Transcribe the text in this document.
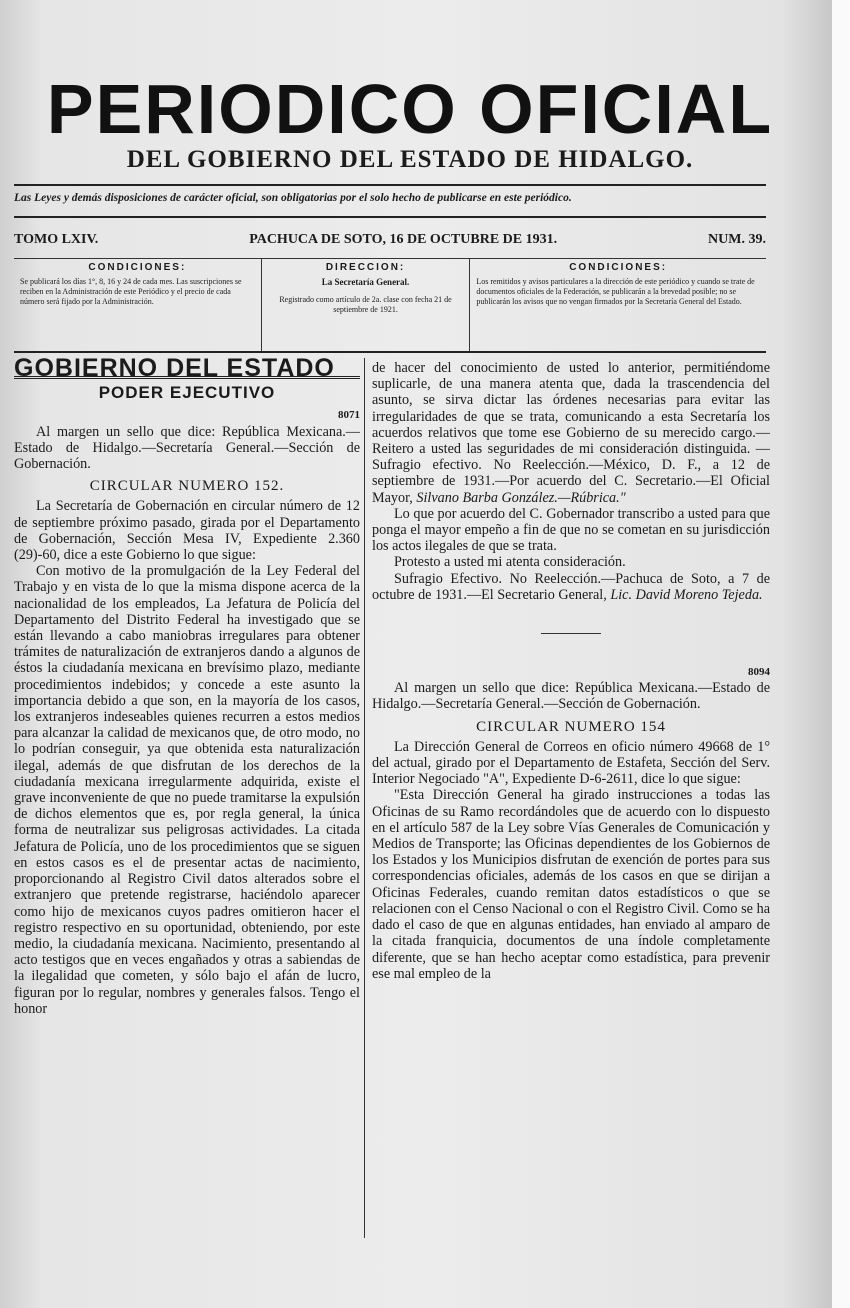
PERIODICO OFICIAL
DEL GOBIERNO DEL ESTADO DE HIDALGO.
Las Leyes y demás disposiciones de carácter oficial, son obligatorias por el solo hecho de publicarse en este periódico.
TOMO LXIV.	PACHUCA DE SOTO, 16 DE OCTUBRE DE 1931.	NUM. 39.
CONDICIONES:
Se publicará los días 1°, 8, 16 y 24 de cada mes. Las suscripciones se reciben en la Administración de este Periódico y el precio de cada número será fijado por la Administración.
DIRECCION:
La Secretaría General.
Registrado como artículo de 2a. clase con fecha 21 de septiembre de 1921.
CONDICIONES:
Los remitidos y avisos particulares a la dirección de este periódico y cuando se trate de documentos oficiales de la Federación, se publicarán a la brevedad posible; no se publicarán los avisos que no vengan firmados por la Secretaría General del Estado.
GOBIERNO DEL ESTADO
PODER EJECUTIVO
8071

Al margen un sello que dice: República Mexicana.—Estado de Hidalgo.—Secretaría General.—Sección de Gobernación.

CIRCULAR NUMERO 152.

La Secretaría de Gobernación en circular número de 12 de septiembre próximo pasado, girada por el Departamento de Gobernación, Sección Mesa IV, Expediente 2.360 (29)-60, dice a este Gobierno lo que sigue:

Con motivo de la promulgación de la Ley Federal del Trabajo y en vista de lo que la misma dispone acerca de la nacionalidad de los empleados, La Jefatura de Policía del Departamento del Distrito Federal ha investigado que se están llevando a cabo maniobras irregulares para obtener trámites de naturalización de extranjeros dando a algunos de éstos la ciudadanía mexicana en brevísimo plazo, mediante procedimientos indebidos; y concede a este asunto la importancia debido a que son, en la mayoría de los casos, los extranjeros indeseables quienes recurren a estos medios para alcanzar la calidad de mexicanos que, de otro modo, no lo podrían conseguir, ya que obtenida esta naturalización ilegal, además de que disfrutan de los derechos de la ciudadanía mexicana irregularmente adquirida, existe el grave inconveniente de que no puede tramitarse la expulsión de dichos elementos que es, por regla general, la única forma de neutralizar sus peligrosas actividades. La citada Jefatura de Policía, uno de los procedimientos que se siguen en estos casos es el de presentar actas de nacimiento, proporcionando al Registro Civil datos alterados sobre el extranjero que pretende registrarse, haciéndolo aparecer como hijo de mexicanos cuyos padres omitieron hacer el registro respectivo en su oportunidad, obteniendo, por este medio, la ciudadanía mexicana. Nacimiento, presentando al acto testigos que en veces engañados y otras a sabiendas de la ilegalidad que cometen, y sólo bajo el afán de lucro, figuran por lo regular, nombres y generales falsos. Tengo el honor

de hacer del conocimiento de usted lo anterior, permitiéndome suplicarle, de una manera atenta que, dada la trascendencia del asunto, se sirva dictar las órdenes necesarias para evitar las irregularidades de que se trata, comunicando a esta Secretaría los acuerdos relativos que tome ese Gobierno de su merecido cargo.—Reitero a usted las seguridades de mi consideración distinguida. —Sufragio efectivo. No Reelección.—México, D. F., a 12 de septiembre de 1931.—Por acuerdo del C. Secretario.—El Oficial Mayor, Silvano Barba González.—Rúbrica."

Lo que por acuerdo del C. Gobernador transcribo a usted para que ponga el mayor empeño a fin de que no se cometan en su jurisdicción los actos ilegales de que se trata.

Protesto a usted mi atenta consideración.

Sufragio Efectivo. No Reelección.—Pachuca de Soto, a 7 de octubre de 1931.—El Secretario General, Lic. David Moreno Tejeda.

8094

Al margen un sello que dice: República Mexicana.—Estado de Hidalgo.—Secretaría General.—Sección de Gobernación.

CIRCULAR NUMERO 154

La Dirección General de Correos en oficio número 49668 de 1° del actual, girado por el Departamento de Estafeta, Sección del Serv. Interior Negociado "A", Expediente D-6-2611, dice lo que sigue:

"Esta Dirección General ha girado instrucciones a todas las Oficinas de su Ramo recordándoles que de acuerdo con lo dispuesto en el artículo 587 de la Ley sobre Vías Generales de Comunicación y Medios de Transporte; las Oficinas dependientes de los Gobiernos de los Estados y los Municipios disfrutan de exención de portes para sus correspondencias oficiales, además de los casos en que se dirijan a Oficinas Federales, cuando remitan datos estadísticos o que se relacionen con el Censo Nacional o con el Registro Civil. Como se ha dado el caso de que en algunas entidades, han enviado al amparo de la citada franquicia, documentos de una índole completamente diferente, que se han hecho aceptar como estadística, para prevenir ese mal empleo de la
